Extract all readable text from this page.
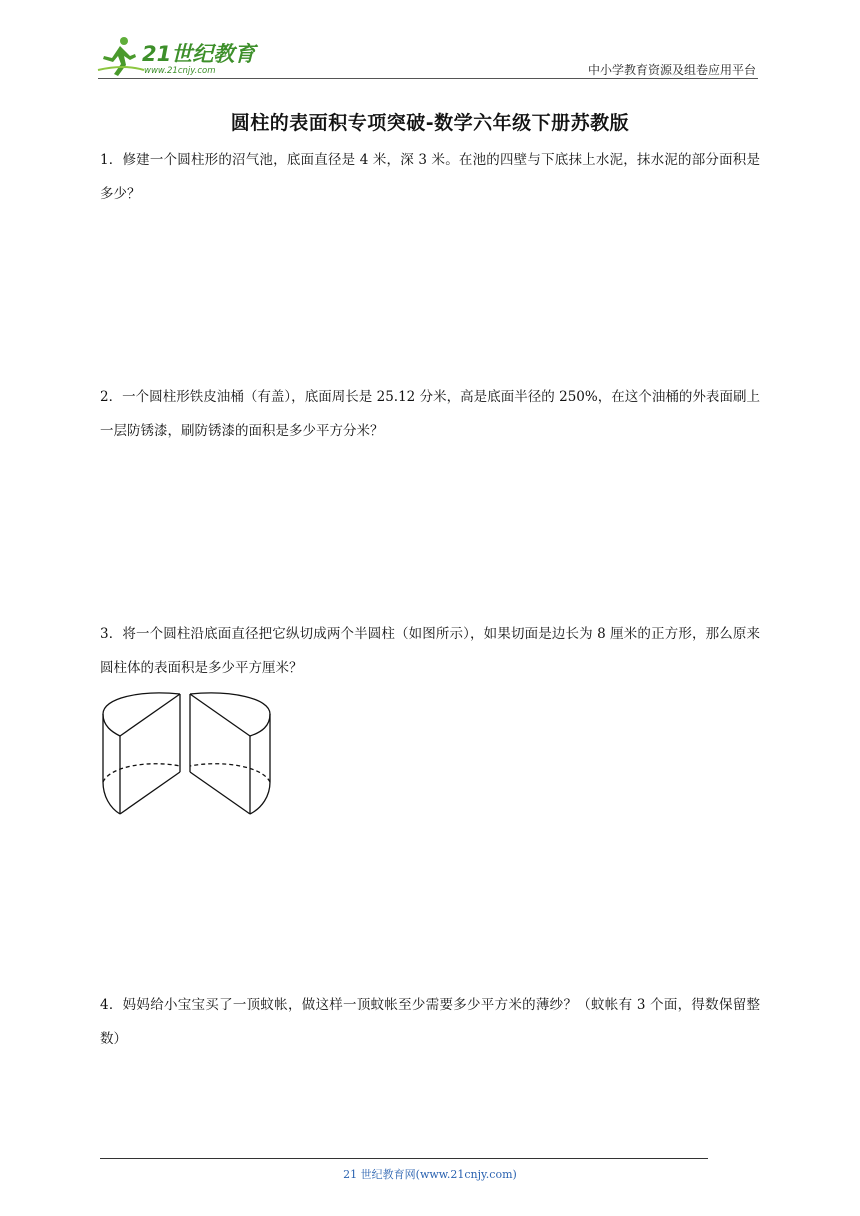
21世纪教育
www.21cnjy.com	中小学教育资源及组卷应用平台
圆柱的表面积专项突破-数学六年级下册苏教版

1．修建一个圆柱形的沼气池，底面直径是 4 米，深 3 米。在池的四壁与下底抹上水泥，抹水泥的部分面积是多少？

2．一个圆柱形铁皮油桶（有盖），底面周长是 25.12 分米，高是底面半径的 250%，在这个油桶的外表面刷上一层防锈漆，刷防锈漆的面积是多少平方分米？

3．将一个圆柱沿底面直径把它纵切成两个半圆柱（如图所示），如果切面是边长为 8 厘米的正方形，那么原来圆柱体的表面积是多少平方厘米？

4．妈妈给小宝宝买了一顶蚊帐，做这样一顶蚊帐至少需要多少平方米的薄纱？（蚊帐有 3 个面，得数保留整数）

21 世纪教育网(www.21cnjy.com)
